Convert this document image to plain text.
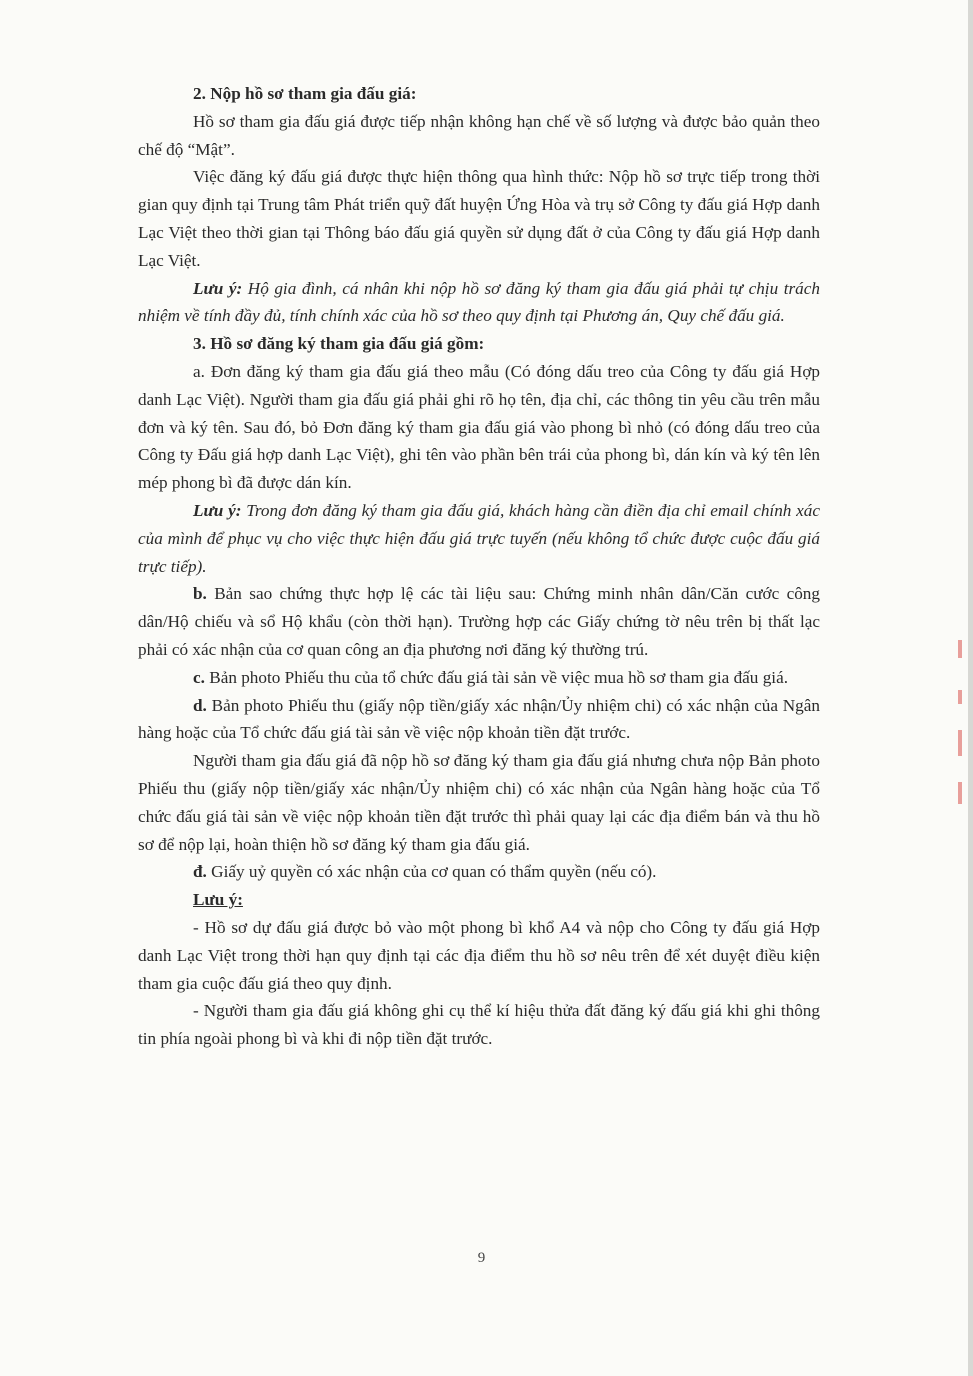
2. Nộp hồ sơ tham gia đấu giá:

Hồ sơ tham gia đấu giá được tiếp nhận không hạn chế về số lượng và được bảo quản theo chế độ “Mật”.

Việc đăng ký đấu giá được thực hiện thông qua hình thức: Nộp hồ sơ trực tiếp trong thời gian quy định tại Trung tâm Phát triển quỹ đất huyện Ứng Hòa và trụ sở Công ty đấu giá Hợp danh Lạc Việt theo thời gian tại Thông báo đấu giá quyền sử dụng đất ở của Công ty đấu giá Hợp danh Lạc Việt.

Lưu ý: Hộ gia đình, cá nhân khi nộp hồ sơ đăng ký tham gia đấu giá phải tự chịu trách nhiệm về tính đầy đủ, tính chính xác của hồ sơ theo quy định tại Phương án, Quy chế đấu giá.

3. Hồ sơ đăng ký tham gia đấu giá gồm:

a. Đơn đăng ký tham gia đấu giá theo mẫu (Có đóng dấu treo của Công ty đấu giá Hợp danh Lạc Việt). Người tham gia đấu giá phải ghi rõ họ tên, địa chỉ, các thông tin yêu cầu trên mẫu đơn và ký tên. Sau đó, bỏ Đơn đăng ký tham gia đấu giá vào phong bì nhỏ (có đóng dấu treo của Công ty Đấu giá hợp danh Lạc Việt), ghi tên vào phần bên trái của phong bì, dán kín và ký tên lên mép phong bì đã được dán kín.

Lưu ý: Trong đơn đăng ký tham gia đấu giá, khách hàng cần điền địa chỉ email chính xác của mình để phục vụ cho việc thực hiện đấu giá trực tuyến (nếu không tổ chức được cuộc đấu giá trực tiếp).

b. Bản sao chứng thực hợp lệ các tài liệu sau: Chứng minh nhân dân/Căn cước công dân/Hộ chiếu và sổ Hộ khẩu (còn thời hạn). Trường hợp các Giấy chứng tờ nêu trên bị thất lạc phải có xác nhận của cơ quan công an địa phương nơi đăng ký thường trú.

c. Bản photo Phiếu thu của tổ chức đấu giá tài sản về việc mua hồ sơ tham gia đấu giá.

d. Bản photo Phiếu thu (giấy nộp tiền/giấy xác nhận/Ủy nhiệm chi) có xác nhận của Ngân hàng hoặc của Tổ chức đấu giá tài sản về việc nộp khoản tiền đặt trước.

Người tham gia đấu giá đã nộp hồ sơ đăng ký tham gia đấu giá nhưng chưa nộp Bản photo Phiếu thu (giấy nộp tiền/giấy xác nhận/Ủy nhiệm chi) có xác nhận của Ngân hàng hoặc của Tổ chức đấu giá tài sản về việc nộp khoản tiền đặt trước thì phải quay lại các địa điểm bán và thu hồ sơ để nộp lại, hoàn thiện hồ sơ đăng ký tham gia đấu giá.

đ. Giấy uỷ quyền có xác nhận của cơ quan có thẩm quyền (nếu có).

Lưu ý:

- Hồ sơ dự đấu giá được bỏ vào một phong bì khổ A4 và nộp cho Công ty đấu giá Hợp danh Lạc Việt trong thời hạn quy định tại các địa điểm thu hồ sơ nêu trên để xét duyệt điều kiện tham gia cuộc đấu giá theo quy định.

- Người tham gia đấu giá không ghi cụ thể kí hiệu thửa đất đăng ký đấu giá khi ghi thông tin phía ngoài phong bì và khi đi nộp tiền đặt trước.

9
